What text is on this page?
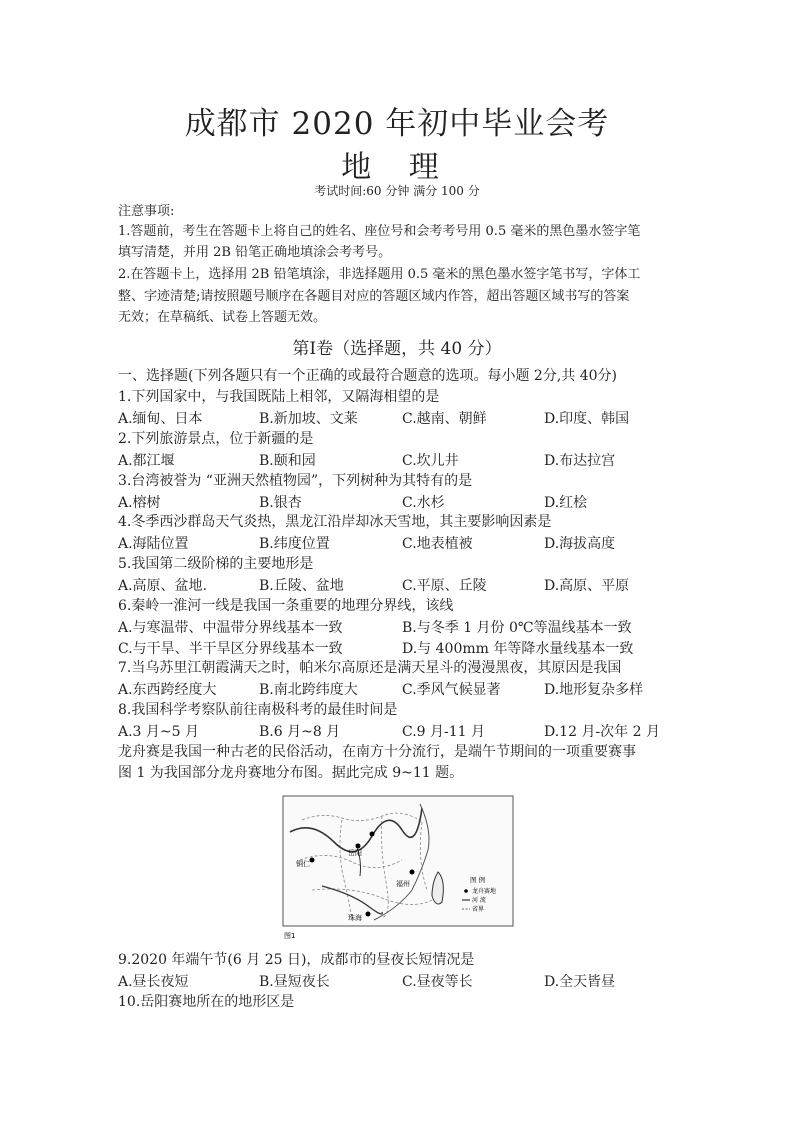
成都市 2020 年初中毕业会考
地 理
考试时间:60 分钟 满分 100 分
注意事项:
1.答题前，考生在答题卡上将自己的姓名、座位号和会考考号用 0.5 毫米的黑色墨水签字笔
填写清楚，并用 2B 铅笔正确地填涂会考考号。
2.在答题卡上，选择用 2B 铅笔填涂，非选择题用 0.5 毫米的黑色墨水签字笔书写，字体工
整、字迹清楚;请按照题号顺序在各题目对应的答题区域内作答，超出答题区域书写的答案
无效；在草稿纸、试卷上答题无效。
第Ⅰ卷（选择题，共 40 分）
一、选择题(下列各题只有一个正确的或最符合题意的选项。每小题 2分,共 40分)
1.下列国家中，与我国既陆上相邻，又隔海相望的是
A.缅甸、日本	B.新加坡、文莱	C.越南、朝鲜	D.印度、韩国
2.下列旅游景点，位于新疆的是
A.都江堰	B.颐和园	C.坎儿井	D.布达拉宫
3.台湾被誉为 “亚洲天然植物园”，下列树种为其特有的是
A.榕树	B.银杏	C.水杉	D.红桧
4.冬季西沙群岛天气炎热，黑龙江沿岸却冰天雪地，其主要影响因素是
A.海陆位置	B.纬度位置	C.地表植被	D.海拔高度
5.我国第二级阶梯的主要地形是
A.高原、盆地.	B.丘陵、盆地	C.平原、丘陵	D.高原、平原
6.秦岭一淮河一线是我国一条重要的地理分界线，该线
A.与寒温带、中温带分界线基本一致	B.与冬季 1 月份 0℃等温线基本一致
C.与干旱、半干旱区分界线基本一致	D.与 400mm 年等降水量线基本一致
7.当乌苏里江朝霞满天之时，帕米尔高原还是满天星斗的漫漫黑夜，其原因是我国
A.东西跨经度大	B.南北跨纬度大	C.季风气候显著	D.地形复杂多样
8.我国科学考察队前往南极科考的最佳时间是
A.3 月~5 月	B.6 月~8 月	C.9 月-11 月	D.12 月-次年 2 月
龙舟赛是我国一种古老的民俗活动，在南方十分流行，是端午节期间的一项重要赛事
图 1 为我国部分龙舟赛地分布图。据此完成 9~11 题。
铜仁
岳阳
福州
珠海
图 例
龙舟赛地
河 流
省界
图1
9.2020 年端午节(6 月 25 日)，成都市的昼夜长短情况是
A.昼长夜短	B.昼短夜长	C.昼夜等长	D.全天皆昼
10.岳阳赛地所在的地形区是
